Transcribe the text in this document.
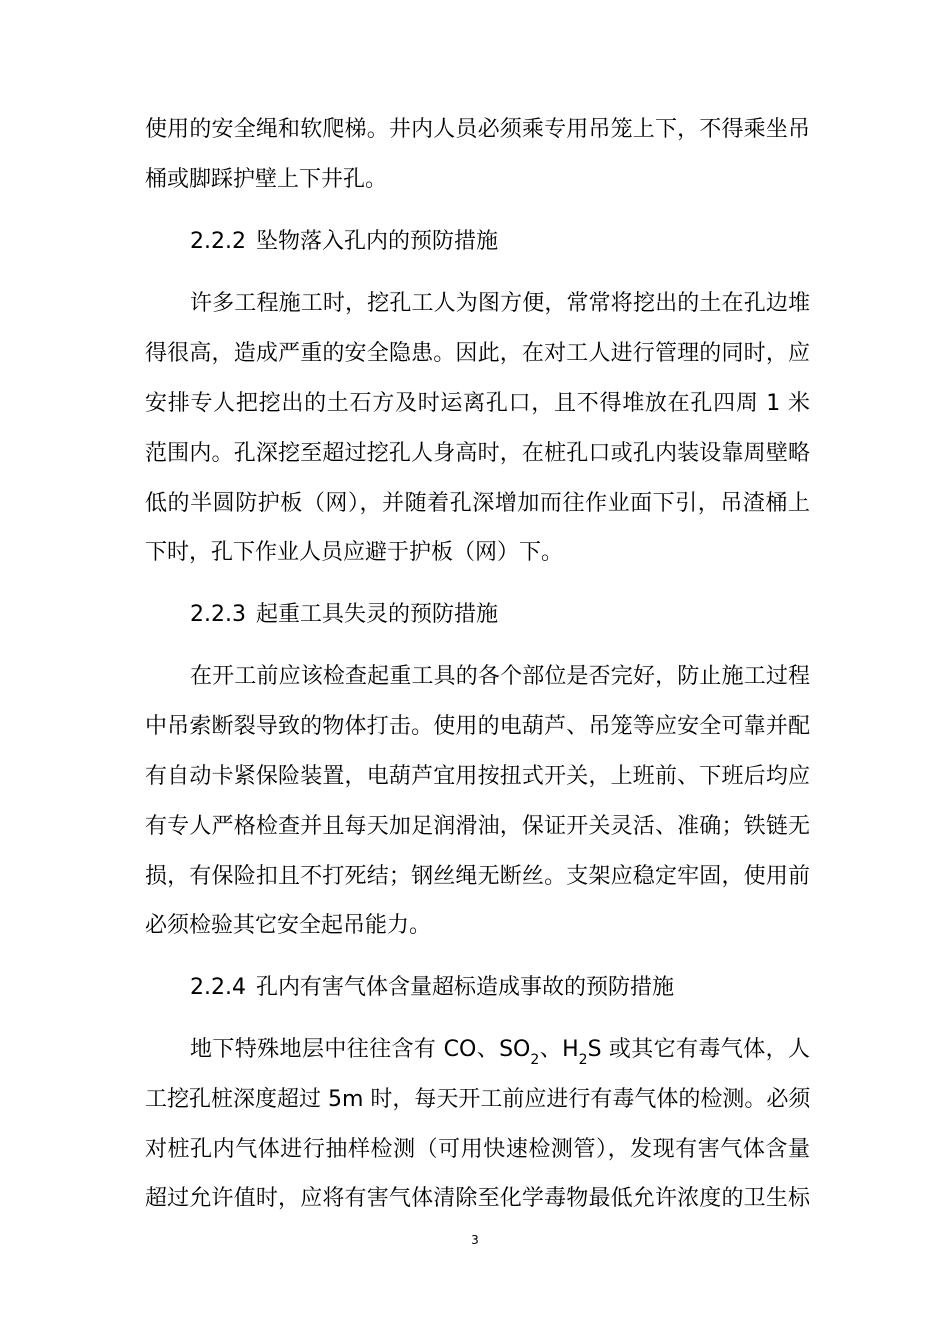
使用的安全绳和软爬梯。井内人员必须乘专用吊笼上下，不得乘坐吊
桶或脚踩护壁上下井孔。
2.2.2 坠物落入孔内的预防措施
许多工程施工时，挖孔工人为图方便，常常将挖出的土在孔边堆
得很高，造成严重的安全隐患。因此，在对工人进行管理的同时，应
安排专人把挖出的土石方及时运离孔口，且不得堆放在孔四周 1 米
范围内。孔深挖至超过挖孔人身高时，在桩孔口或孔内装设靠周壁略
低的半圆防护板（网），并随着孔深增加而往作业面下引，吊渣桶上
下时，孔下作业人员应避于护板（网）下。
2.2.3 起重工具失灵的预防措施
在开工前应该检查起重工具的各个部位是否完好，防止施工过程
中吊索断裂导致的物体打击。使用的电葫芦、吊笼等应安全可靠并配
有自动卡紧保险装置，电葫芦宜用按扭式开关，上班前、下班后均应
有专人严格检查并且每天加足润滑油，保证开关灵活、准确；铁链无
损，有保险扣且不打死结；钢丝绳无断丝。支架应稳定牢固，使用前
必须检验其它安全起吊能力。
2.2.4 孔内有害气体含量超标造成事故的预防措施
地下特殊地层中往往含有 CO、$SO_2$、$H_2S$ 或其它有毒气体，人
工挖孔桩深度超过 5m 时，每天开工前应进行有毒气体的检测。必须
对桩孔内气体进行抽样检测（可用快速检测管），发现有害气体含量
超过允许值时，应将有害气体清除至化学毒物最低允许浓度的卫生标
3
